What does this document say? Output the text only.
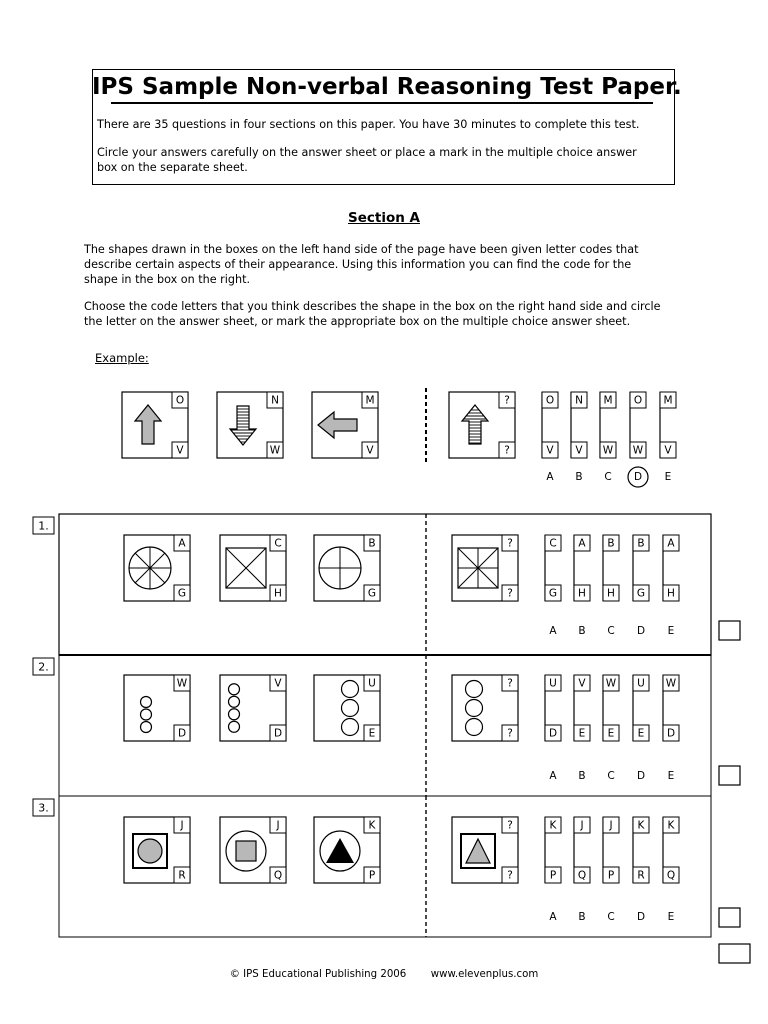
IPS Sample Non-verbal Reasoning Test Paper.
There are 35 questions in four sections on this paper. You have 30 minutes to complete this test.
Circle your answers carefully on the answer sheet or place a mark in the multiple choice answer
box on the separate sheet.
Section A
The shapes drawn in the boxes on the left hand side of the page have been given letter codes that
describe certain aspects of their appearance. Using this information you can find the code for the
shape in the box on the right.
Choose the code letters that you think describes the shape in the box on the right hand side and circle
the letter on the answer sheet, or mark the appropriate box on the multiple choice answer sheet.
Example:
O
V
N
W
M
V
?
?
O
V
A
N
V
B
M
W
C
O
W
D
M
V
E
1.
A
G
C
H
B
G
?
?
C
G
A
A
H
B
B
H
C
B
G
D
A
H
E
2.
W
D
V
D
U
E
?
?
U
D
A
V
E
B
W
E
C
U
E
D
W
D
E
3.
J
R
J
Q
K
P
?
?
K
P
A
J
Q
B
J
P
C
K
R
D
K
Q
E
© IPS Educational Publishing 2006 www.elevenplus.com
